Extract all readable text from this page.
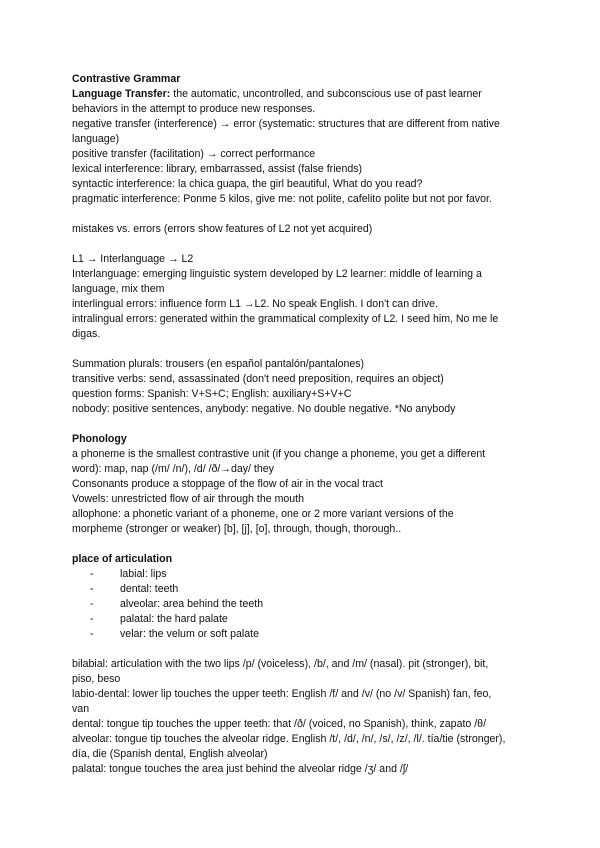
Contrastive Grammar
Language Transfer: the automatic, uncontrolled, and subconscious use of past learner
behaviors in the attempt to produce new responses.
negative transfer (interference) → error (systematic: structures that are different from native
language)
positive transfer (facilitation) → correct performance
lexical interference: library, embarrassed, assist (false friends)
syntactic interference: la chica guapa, the girl beautiful, What do you read?
pragmatic interference: Ponme 5 kilos, give me: not polite, cafelito polite but not por favor.
mistakes vs. errors (errors show features of L2 not yet acquired)
L1 → Interlanguage → L2
Interlanguage: emerging linguistic system developed by L2 learner: middle of learning a
language, mix them
interlingual errors: influence form L1 →L2. No speak English. I don't can drive.
intralingual errors: generated within the grammatical complexity of L2. I seed him, No me le
digas.
Summation plurals: trousers (en español pantalón/pantalones)
transitive verbs: send, assassinated (don't need preposition, requires an object)
question forms: Spanish: V+S+C; English: auxiliary+S+V+C
nobody: positive sentences, anybody: negative. No double negative. *No anybody
Phonology
a phoneme is the smallest contrastive unit (if you change a phoneme, you get a different
word): map, nap (/m/ /n/), /d/ /ð/→day/ they
Consonants produce a stoppage of the flow of air in the vocal tract
Vowels: unrestricted flow of air through the mouth
allophone: a phonetic variant of a phoneme, one or 2 more variant versions of the
morpheme (stronger or weaker) [b], [j], [o], through, though, thorough..
place of articulation
- labial: lips
- dental: teeth
- alveolar: area behind the teeth
- palatal: the hard palate
- velar: the velum or soft palate
bilabial: articulation with the two lips /p/ (voiceless), /b/, and /m/ (nasal). pit (stronger), bit,
piso, beso
labio-dental: lower lip touches the upper teeth: English /f/ and /v/ (no /v/ Spanish) fan, feo,
van
dental: tongue tip touches the upper teeth: that /ð/ (voiced, no Spanish), think, zapato /θ/
alveolar: tongue tip touches the alveolar ridge. English /t/, /d/, /n/, /s/, /z/, /l/. tía/tie (stronger),
día, die (Spanish dental, English alveolar)
palatal: tongue touches the area just behind the alveolar ridge /ʒ/ and /ʃ/
